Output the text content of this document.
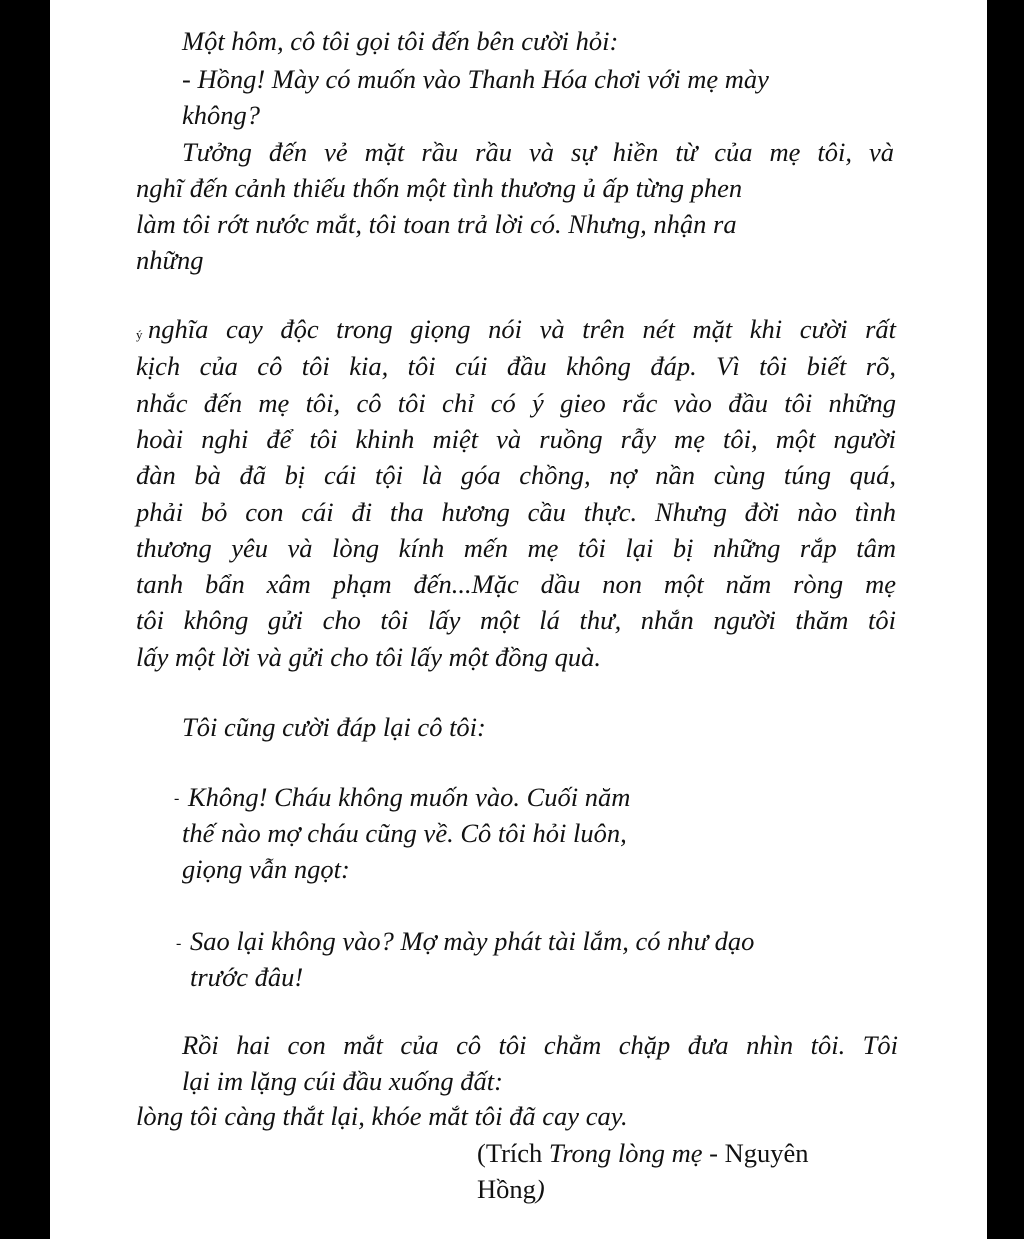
Một hôm, cô tôi gọi tôi đến bên cười hỏi:
- Hồng! Mày có muốn vào Thanh Hóa chơi với mẹ mày
không?
Tưởng đến vẻ mặt rầu rầu và sự hiền từ của mẹ tôi, và
nghĩ đến cảnh thiếu thốn một tình thương ủ ấp từng phen
làm tôi rớt nước mắt, tôi toan trả lời có. Nhưng, nhận ra
những
ý nghĩa cay độc trong giọng nói và trên nét mặt khi cười rất
kịch của cô tôi kia, tôi cúi đầu không đáp. Vì tôi biết rõ,
nhắc đến mẹ tôi, cô tôi chỉ có ý gieo rắc vào đầu tôi những
hoài nghi để tôi khinh miệt và ruồng rẫy mẹ tôi, một người
đàn bà đã bị cái tội là góa chồng, nợ nần cùng túng quá,
phải bỏ con cái đi tha hương cầu thực. Nhưng đời nào tình
thương yêu và lòng kính mến mẹ tôi lại bị những rắp tâm
tanh bẩn xâm phạm đến...Mặc dầu non một năm ròng mẹ
tôi không gửi cho tôi lấy một lá thư, nhắn người thăm tôi
lấy một lời và gửi cho tôi lấy một đồng quà.
Tôi cũng cười đáp lại cô tôi:
- Không! Cháu không muốn vào. Cuối năm
thế nào mợ cháu cũng về. Cô tôi hỏi luôn,
giọng vẫn ngọt:
- Sao lại không vào? Mợ mày phát tài lắm, có như dạo
trước đâu!
Rồi hai con mắt của cô tôi chằm chặp đưa nhìn tôi. Tôi
lại im lặng cúi đầu xuống đất:
lòng tôi càng thắt lại, khóe mắt tôi đã cay cay.
(Trích Trong lòng mẹ - Nguyên
Hồng)
